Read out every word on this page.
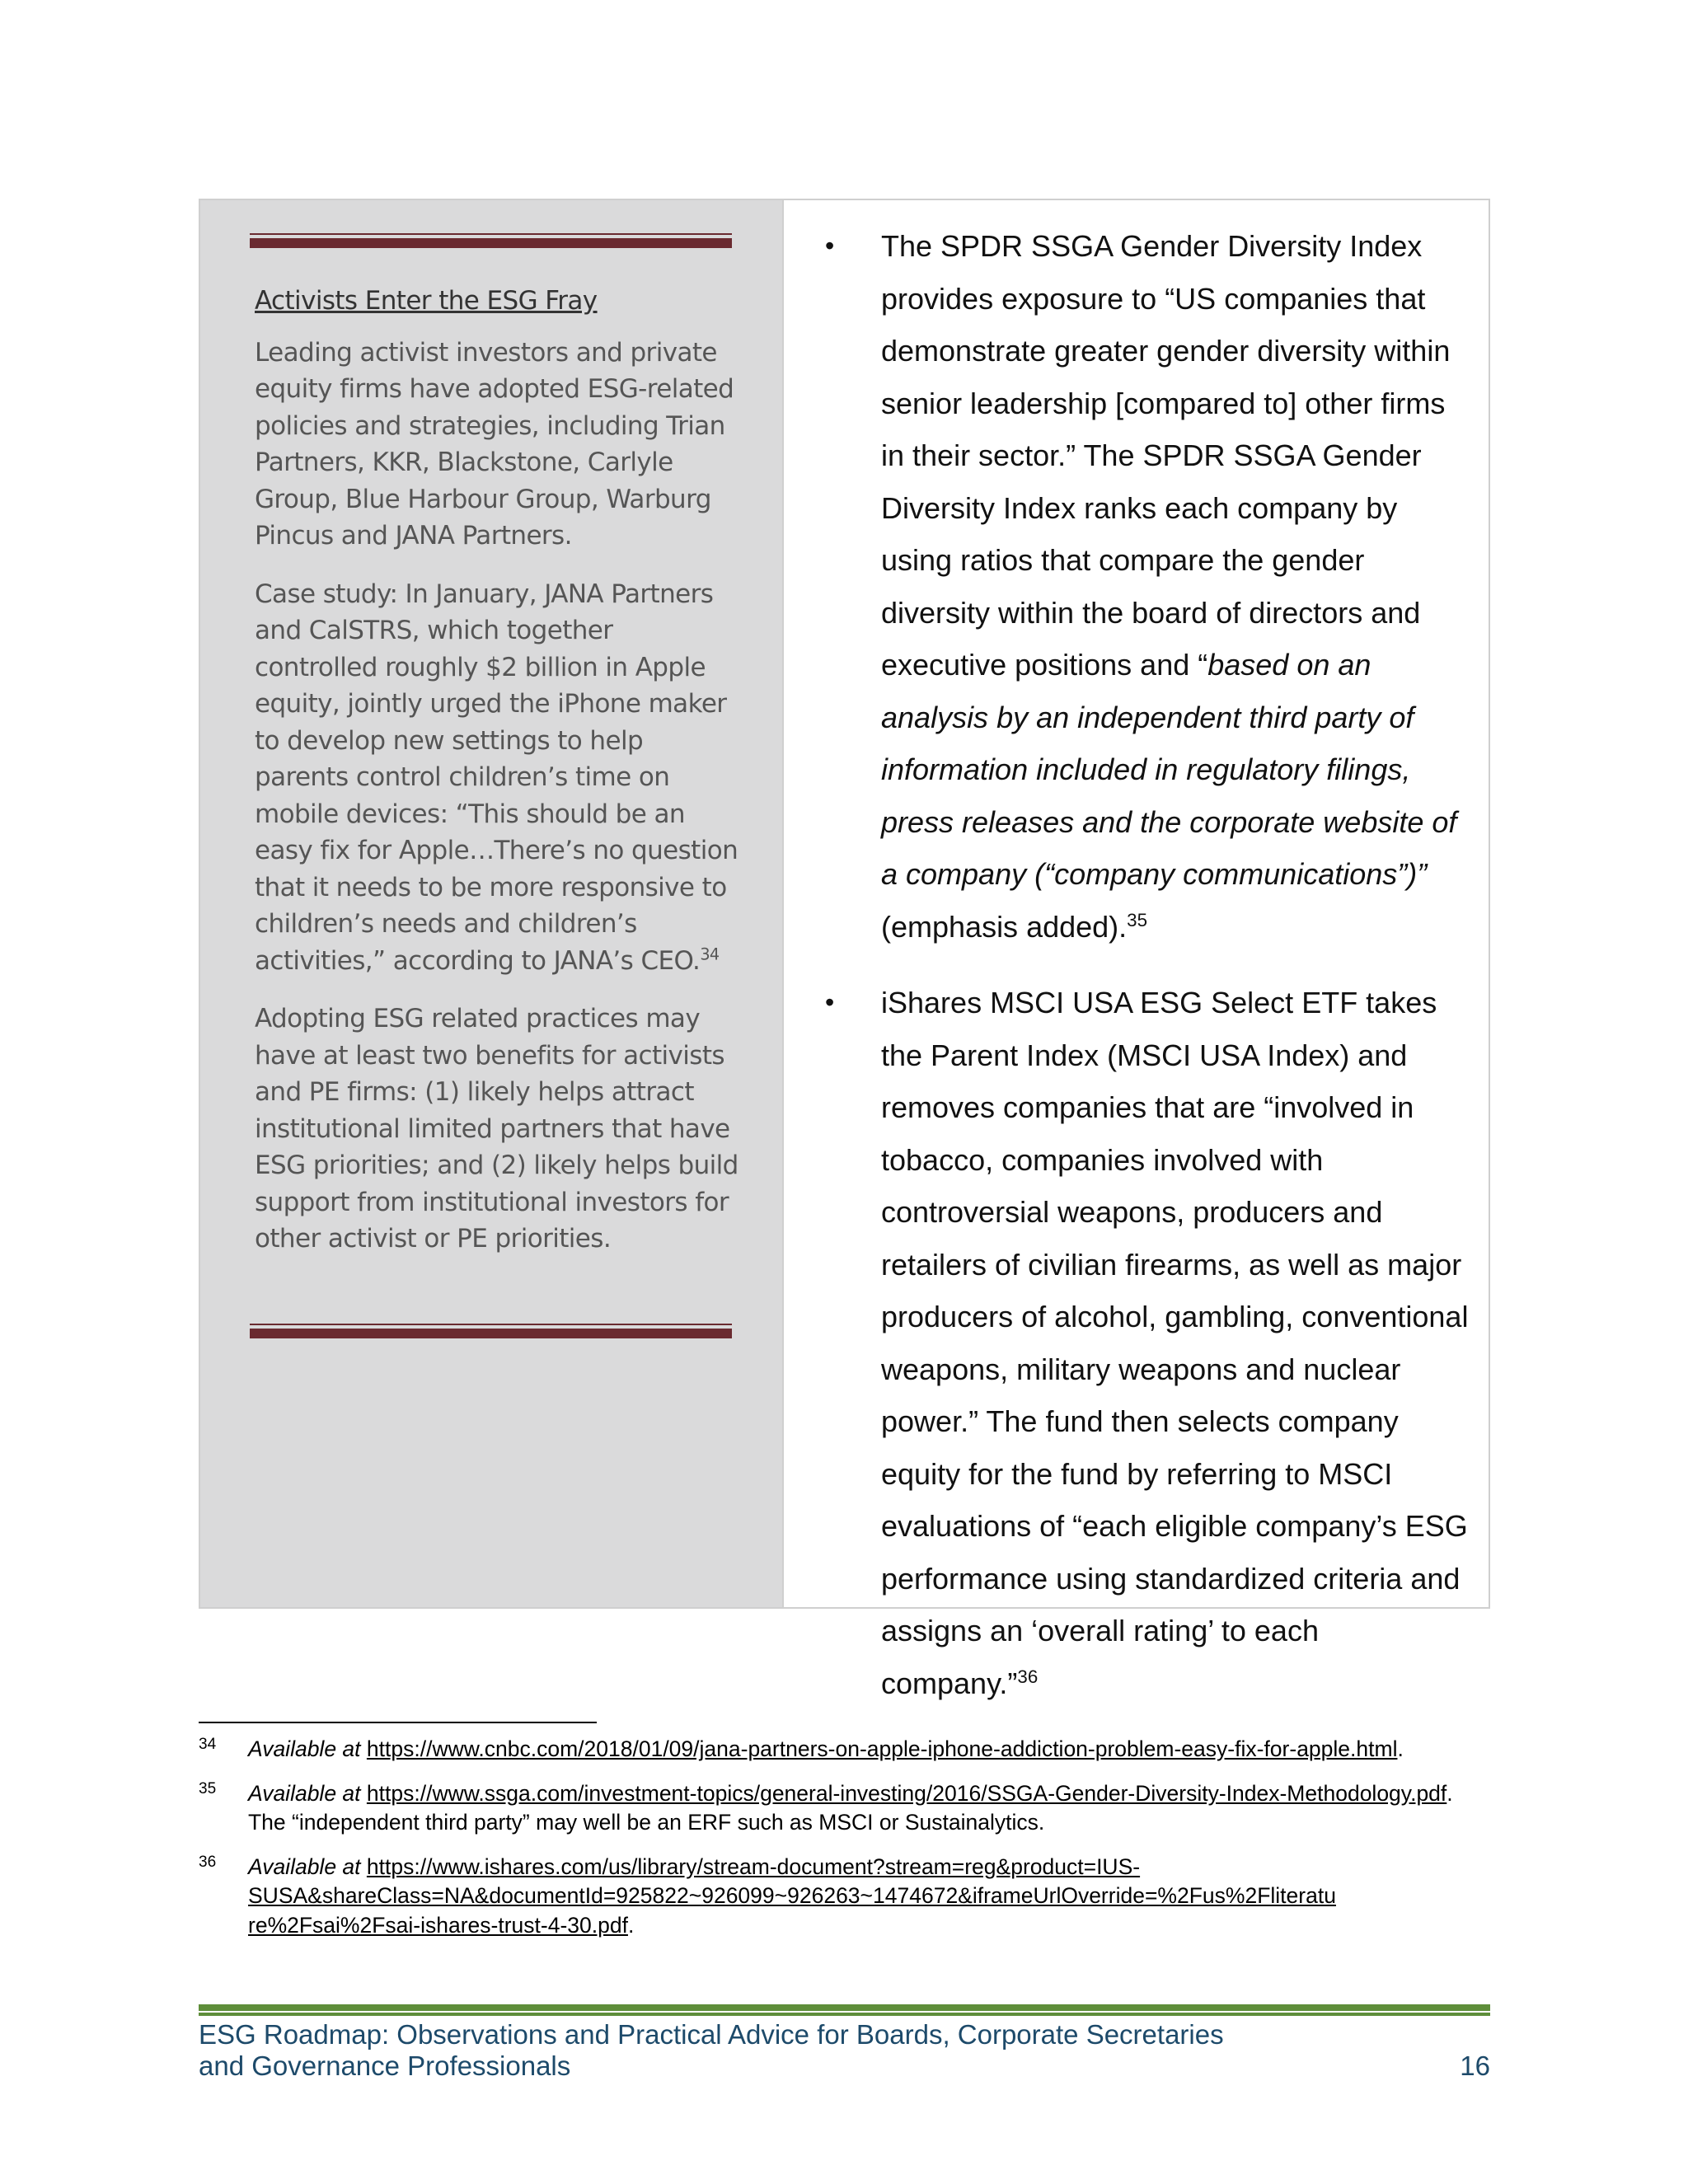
Activists Enter the ESG Fray

Leading activist investors and private equity firms have adopted ESG-related policies and strategies, including Trian Partners, KKR, Blackstone, Carlyle Group, Blue Harbour Group, Warburg Pincus and JANA Partners.

Case study: In January, JANA Partners and CalSTRS, which together controlled roughly $2 billion in Apple equity, jointly urged the iPhone maker to develop new settings to help parents control children’s time on mobile devices: “This should be an easy fix for Apple…There’s no question that it needs to be more responsive to children’s needs and children’s activities,” according to JANA’s CEO.$^{34}$

Adopting ESG related practices may have at least two benefits for activists and PE firms: (1) likely helps attract institutional limited partners that have ESG priorities; and (2) likely helps build support from institutional investors for other activist or PE priorities.

• The SPDR SSGA Gender Diversity Index provides exposure to “US companies that demonstrate greater gender diversity within senior leadership [compared to] other firms in their sector.” The SPDR SSGA Gender Diversity Index ranks each company by using ratios that compare the gender diversity within the board of directors and executive positions and “based on an analysis by an independent third party of information included in regulatory filings, press releases and the corporate website of a company (“company communications”)” (emphasis added).$^{35}$

• iShares MSCI USA ESG Select ETF takes the Parent Index (MSCI USA Index) and removes companies that are “involved in tobacco, companies involved with controversial weapons, producers and retailers of civilian firearms, as well as major producers of alcohol, gambling, conventional weapons, military weapons and nuclear power.” The fund then selects company equity for the fund by referring to MSCI evaluations of “each eligible company’s ESG performance using standardized criteria and assigns an ‘overall rating’ to each company.”$^{36}$

34 Available at https://www.cnbc.com/2018/01/09/jana-partners-on-apple-iphone-addiction-problem-easy-fix-for-apple.html.
35 Available at https://www.ssga.com/investment-topics/general-investing/2016/SSGA-Gender-Diversity-Index-Methodology.pdf. The “independent third party” may well be an ERF such as MSCI or Sustainalytics.
36 Available at https://www.ishares.com/us/library/stream-document?stream=reg&product=IUS-SUSA&shareClass=NA&documentId=925822~926099~926263~1474672&iframeUrlOverride=%2Fus%2Fliteratu re%2Fsai%2Fsai-ishares-trust-4-30.pdf.
ESG Roadmap: Observations and Practical Advice for Boards, Corporate Secretaries
and Governance Professionals	16
